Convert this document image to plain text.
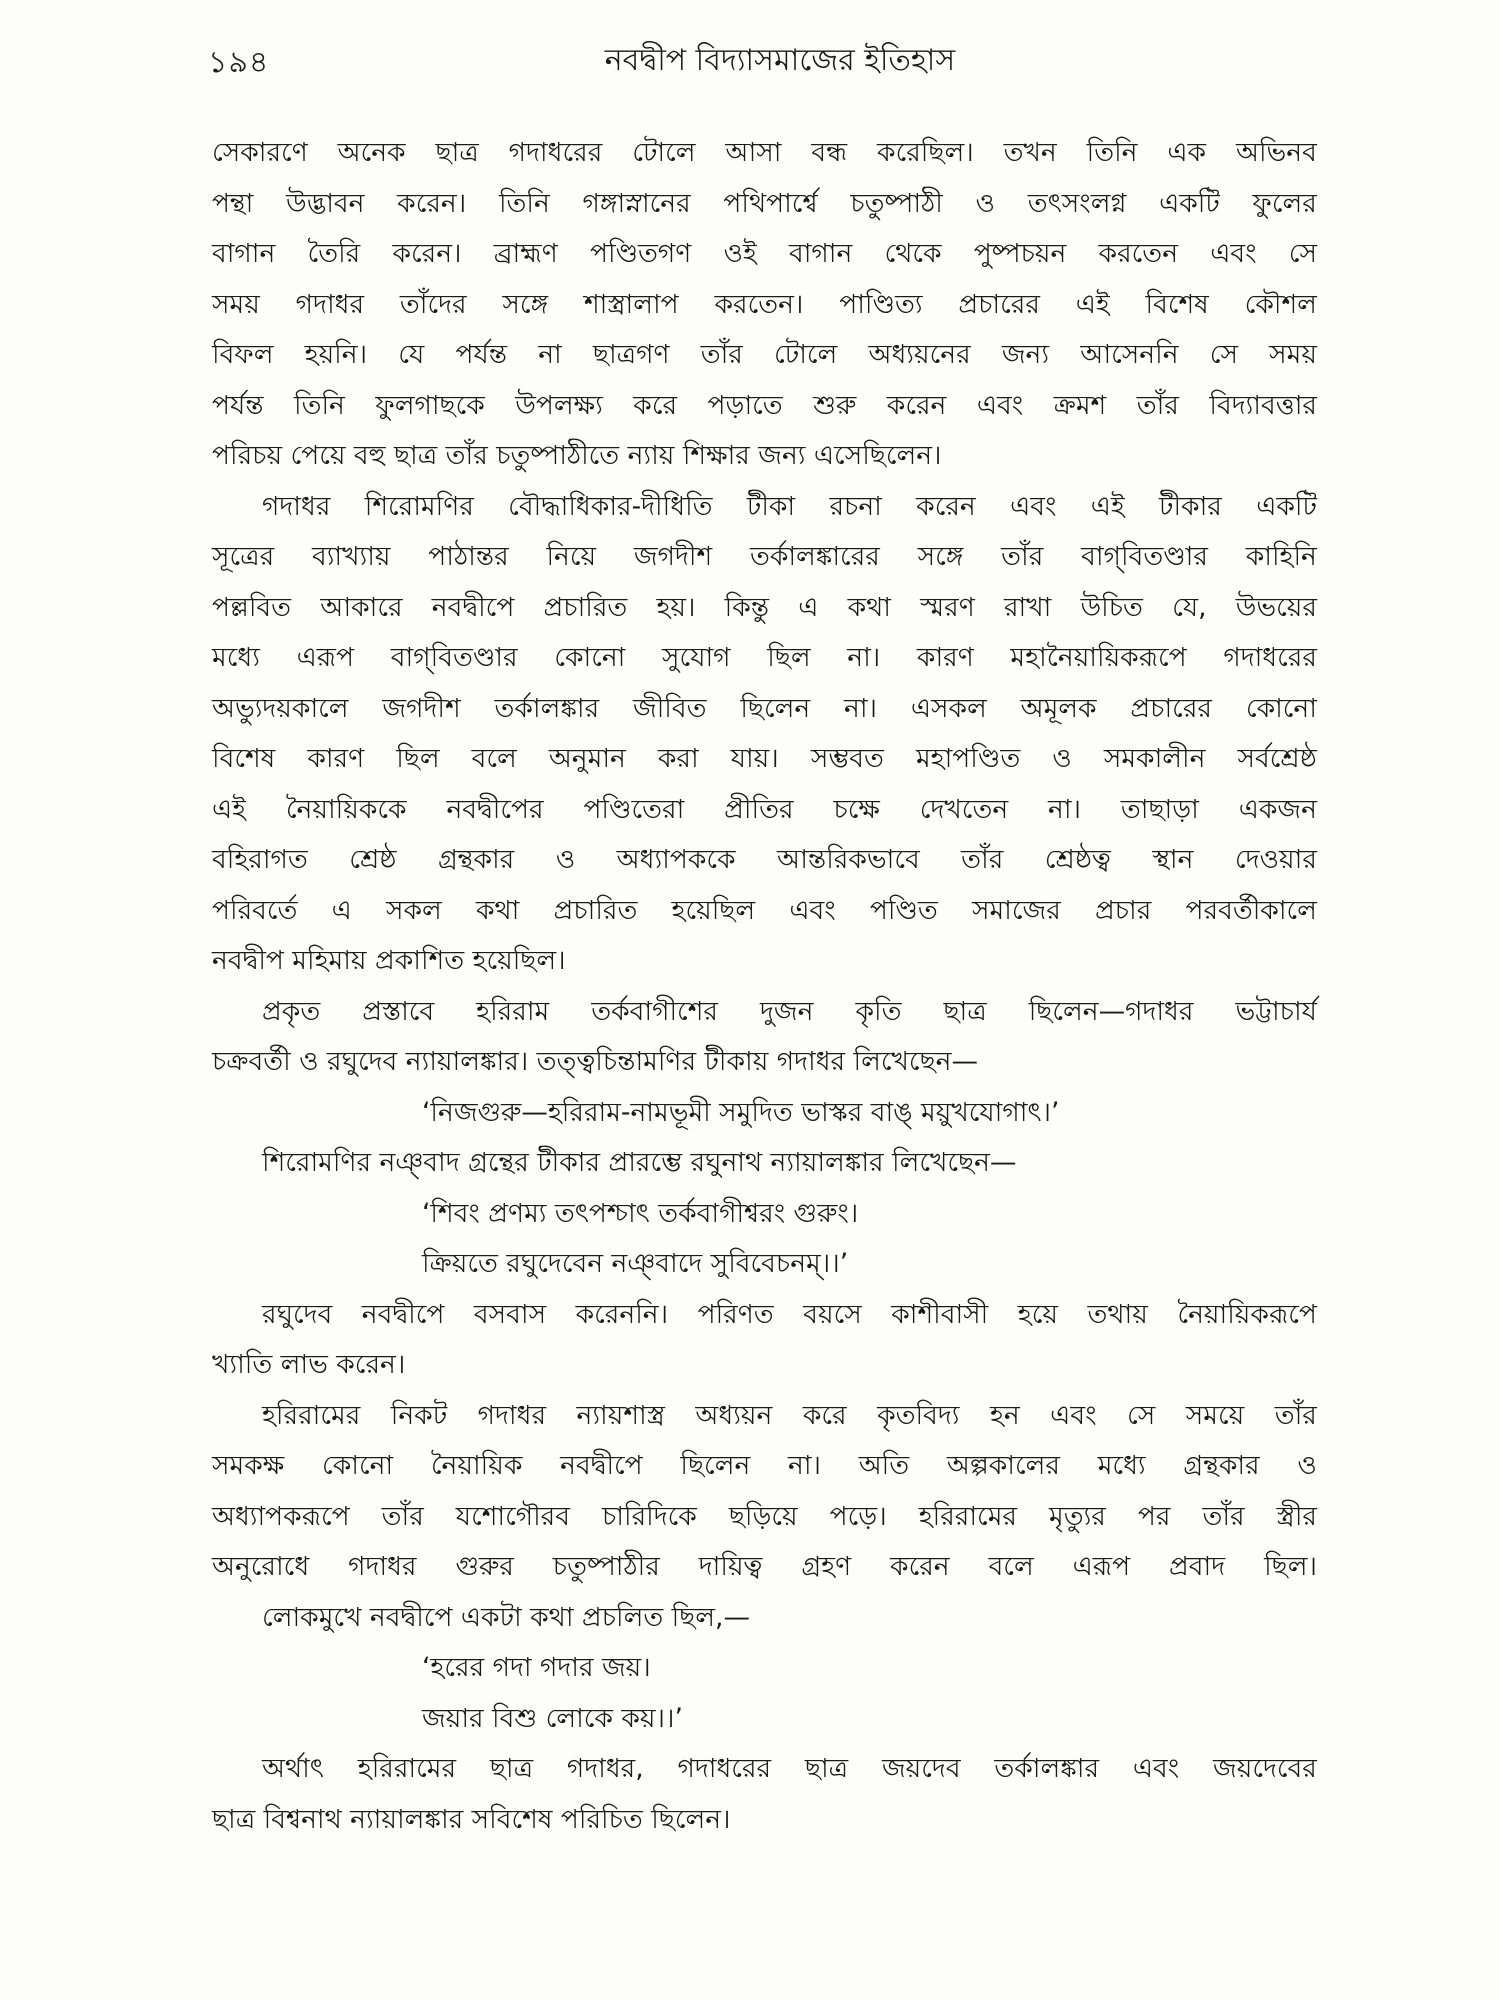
১৯৪	নবদ্বীপ বিদ্যাসমাজের ইতিহাস
সেকারণে অনেক ছাত্র গদাধরের টোলে আসা বন্ধ করেছিল। তখন তিনি এক অভিনব
পন্থা উদ্ভাবন করেন। তিনি গঙ্গাস্নানের পথিপার্শ্বে চতুষ্পাঠী ও তৎসংলগ্ন একটি ফুলের
বাগান তৈরি করেন। ব্রাহ্মণ পণ্ডিতগণ ওই বাগান থেকে পুষ্পচয়ন করতেন এবং সে
সময় গদাধর তাঁদের সঙ্গে শাস্ত্রালাপ করতেন। পাণ্ডিত্য প্রচারের এই বিশেষ কৌশল
বিফল হয়নি। যে পর্যন্ত না ছাত্রগণ তাঁর টোলে অধ্যয়নের জন্য আসেননি সে সময়
পর্যন্ত তিনি ফুলগাছকে উপলক্ষ্য করে পড়াতে শুরু করেন এবং ক্রমশ তাঁর বিদ্যাবত্তার
পরিচয় পেয়ে বহু ছাত্র তাঁর চতুষ্পাঠীতে ন্যায় শিক্ষার জন্য এসেছিলেন।
গদাধর শিরোমণির বৌদ্ধাধিকার-দীধিতি টীকা রচনা করেন এবং এই টীকার একটি
সূত্রের ব্যাখ্যায় পাঠান্তর নিয়ে জগদীশ তর্কালঙ্কারের সঙ্গে তাঁর বাগ্‌বিতণ্ডার কাহিনি
পল্লবিত আকারে নবদ্বীপে প্রচারিত হয়। কিন্তু এ কথা স্মরণ রাখা উচিত যে, উভয়ের
মধ্যে এরূপ বাগ্‌বিতণ্ডার কোনো সুযোগ ছিল না। কারণ মহানৈয়ায়িকরূপে গদাধরের
অভ্যুদয়কালে জগদীশ তর্কালঙ্কার জীবিত ছিলেন না। এসকল অমূলক প্রচারের কোনো
বিশেষ কারণ ছিল বলে অনুমান করা যায়। সম্ভবত মহাপণ্ডিত ও সমকালীন সর্বশ্রেষ্ঠ
এই নৈয়ায়িককে নবদ্বীপের পণ্ডিতেরা প্রীতির চক্ষে দেখতেন না। তাছাড়া একজন
বহিরাগত শ্রেষ্ঠ গ্রন্থকার ও অধ্যাপককে আন্তরিকভাবে তাঁর শ্রেষ্ঠত্ব স্থান দেওয়ার
পরিবর্তে এ সকল কথা প্রচারিত হয়েছিল এবং পণ্ডিত সমাজের প্রচার পরবর্তীকালে
নবদ্বীপ মহিমায় প্রকাশিত হয়েছিল।
প্রকৃত প্রস্তাবে হরিরাম তর্কবাগীশের দুজন কৃতি ছাত্র ছিলেন—গদাধর ভট্টাচার্য
চক্রবর্তী ও রঘুদেব ন্যায়ালঙ্কার। তত্ত্বচিন্তামণির টীকায় গদাধর লিখেছেন—
‘নিজগুরু—হরিরাম-নামভূমী সমুদিত ভাস্কর বাঙ্‌ ময়ুখযোগাৎ।’
শিরোমণির নঞ্‌বাদ গ্রন্থের টীকার প্রারম্ভে রঘুনাথ ন্যায়ালঙ্কার লিখেছেন—
‘শিবং প্রণম্য তৎপশ্চাৎ তর্কবাগীশ্বরং গুরুং।
ক্রিয়তে রঘুদেবেন নঞ্‌বাদে সুবিবেচনম্‌।।’
রঘুদেব নবদ্বীপে বসবাস করেননি। পরিণত বয়সে কাশীবাসী হয়ে তথায় নৈয়ায়িকরূপে
খ্যাতি লাভ করেন।
হরিরামের নিকট গদাধর ন্যায়শাস্ত্র অধ্যয়ন করে কৃতবিদ্য হন এবং সে সময়ে তাঁর
সমকক্ষ কোনো নৈয়ায়িক নবদ্বীপে ছিলেন না। অতি অল্পকালের মধ্যে গ্রন্থকার ও
অধ্যাপকরূপে তাঁর যশোগৌরব চারিদিকে ছড়িয়ে পড়ে। হরিরামের মৃত্যুর পর তাঁর স্ত্রীর
অনুরোধে গদাধর গুরুর চতুষ্পাঠীর দায়িত্ব গ্রহণ করেন বলে এরূপ প্রবাদ ছিল।
লোকমুখে নবদ্বীপে একটা কথা প্রচলিত ছিল,—
‘হরের গদা গদার জয়।
জয়ার বিশু লোকে কয়।।’
অর্থাৎ হরিরামের ছাত্র গদাধর, গদাধরের ছাত্র জয়দেব তর্কালঙ্কার এবং জয়দেবের
ছাত্র বিশ্বনাথ ন্যায়ালঙ্কার সবিশেষ পরিচিত ছিলেন।
